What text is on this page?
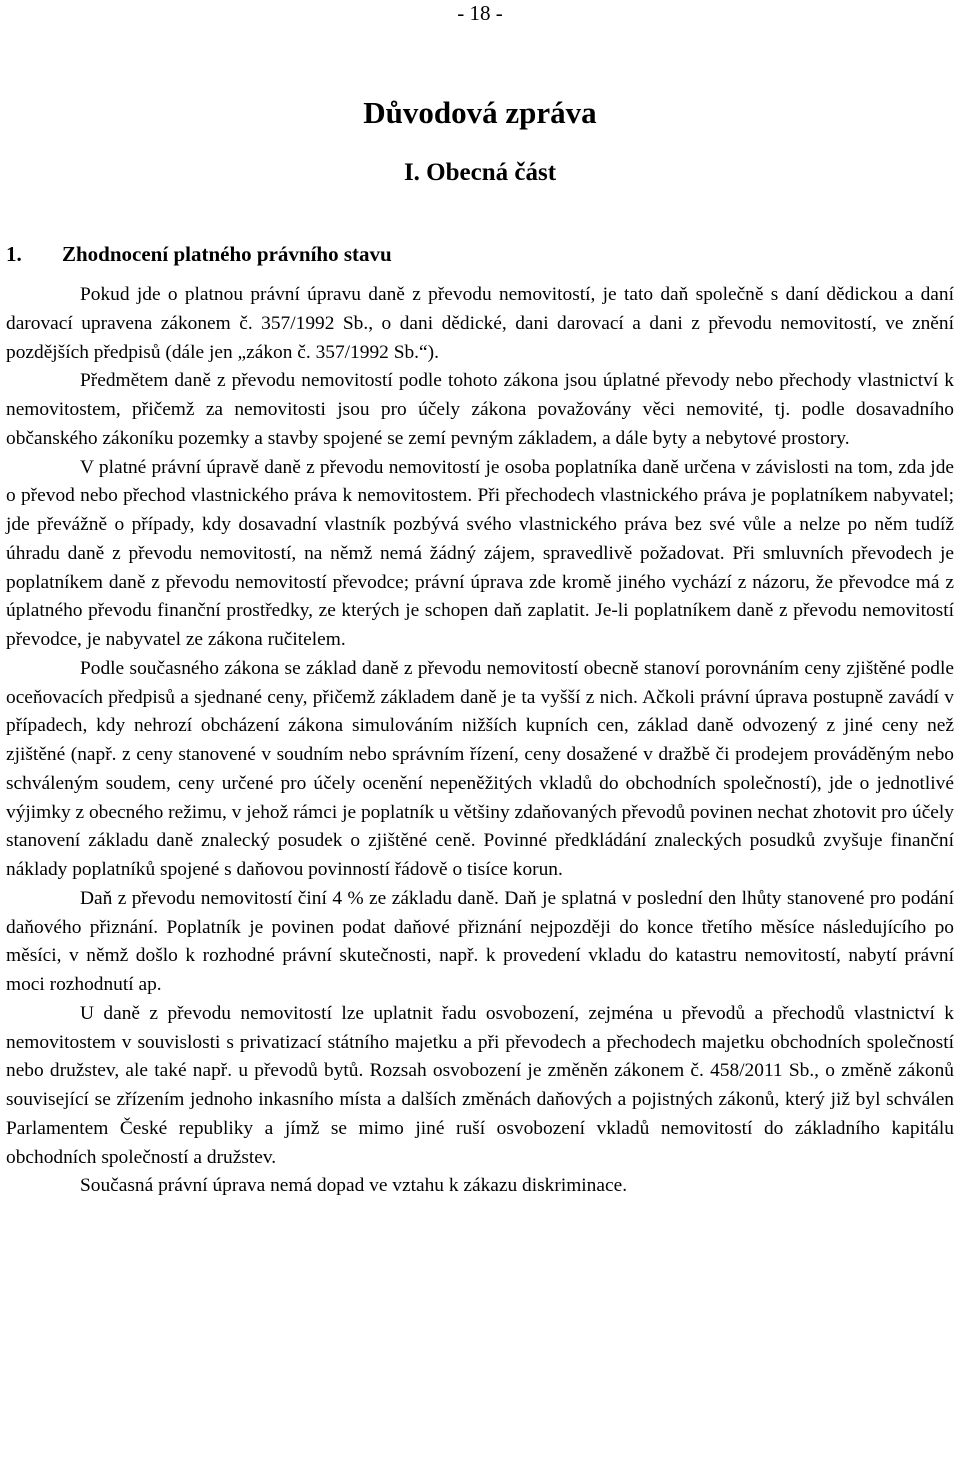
- 18 -
Důvodová zpráva
I. Obecná část
1. Zhodnocení platného právního stavu

Pokud jde o platnou právní úpravu daně z převodu nemovitostí, je tato daň společně s daní dědickou a daní darovací upravena zákonem č. 357/1992 Sb., o dani dědické, dani darovací a dani z převodu nemovitostí, ve znění pozdějších předpisů (dále jen „zákon č. 357/1992 Sb.“).

Předmětem daně z převodu nemovitostí podle tohoto zákona jsou úplatné převody nebo přechody vlastnictví k nemovitostem, přičemž za nemovitosti jsou pro účely zákona považovány věci nemovité, tj. podle dosavadního občanského zákoníku pozemky a stavby spojené se zemí pevným základem, a dále byty a nebytové prostory.

V platné právní úpravě daně z převodu nemovitostí je osoba poplatníka daně určena v závislosti na tom, zda jde o převod nebo přechod vlastnického práva k nemovitostem. Při přechodech vlastnického práva je poplatníkem nabyvatel; jde převážně o případy, kdy dosavadní vlastník pozbývá svého vlastnického práva bez své vůle a nelze po něm tudíž úhradu daně z převodu nemovitostí, na němž nemá žádný zájem, spravedlivě požadovat. Při smluvních převodech je poplatníkem daně z převodu nemovitostí převodce; právní úprava zde kromě jiného vychází z názoru, že převodce má z úplatného převodu finanční prostředky, ze kterých je schopen daň zaplatit. Je-li poplatníkem daně z převodu nemovitostí převodce, je nabyvatel ze zákona ručitelem.

Podle současného zákona se základ daně z převodu nemovitostí obecně stanoví porovnáním ceny zjištěné podle oceňovacích předpisů a sjednané ceny, přičemž základem daně je ta vyšší z nich. Ačkoli právní úprava postupně zavádí v případech, kdy nehrozí obcházení zákona simulováním nižších kupních cen, základ daně odvozený z jiné ceny než zjištěné (např. z ceny stanovené v soudním nebo správním řízení, ceny dosažené v dražbě či prodejem prováděným nebo schváleným soudem, ceny určené pro účely ocenění nepeněžitých vkladů do obchodních společností), jde o jednotlivé výjimky z obecného režimu, v jehož rámci je poplatník u většiny zdaňovaných převodů povinen nechat zhotovit pro účely stanovení základu daně znalecký posudek o zjištěné ceně. Povinné předkládání znaleckých posudků zvyšuje finanční náklady poplatníků spojené s daňovou povinností řádově o tisíce korun.

Daň z převodu nemovitostí činí 4 % ze základu daně. Daň je splatná v poslední den lhůty stanovené pro podání daňového přiznání. Poplatník je povinen podat daňové přiznání nejpozději do konce třetího měsíce následujícího po měsíci, v němž došlo k rozhodné právní skutečnosti, např. k provedení vkladu do katastru nemovitostí, nabytí právní moci rozhodnutí ap.

U daně z převodu nemovitostí lze uplatnit řadu osvobození, zejména u převodů a přechodů vlastnictví k nemovitostem v souvislosti s privatizací státního majetku a při převodech a přechodech majetku obchodních společností nebo družstev, ale také např. u převodů bytů. Rozsah osvobození je změněn zákonem č. 458/2011 Sb., o změně zákonů související se zřízením jednoho inkasního místa a dalších změnách daňových a pojistných zákonů, který již byl schválen Parlamentem České republiky a jímž se mimo jiné ruší osvobození vkladů nemovitostí do základního kapitálu obchodních společností a družstev.

Současná právní úprava nemá dopad ve vztahu k zákazu diskriminace.
